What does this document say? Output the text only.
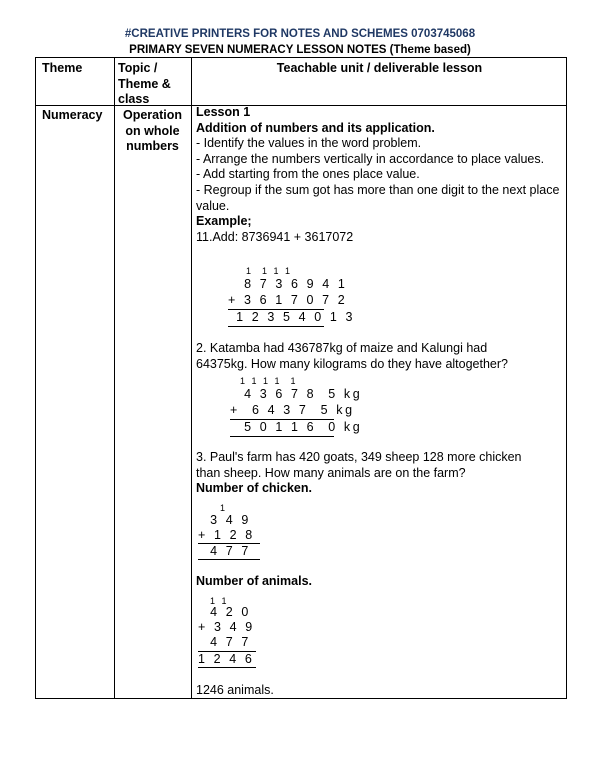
#CREATIVE PRINTERS FOR NOTES AND SCHEMES 0703745068
PRIMARY SEVEN NUMERACY LESSON NOTES (Theme based)
Theme	Topic /
Theme &
class
Teachable unit / deliverable lesson
Numeracy	Operation
on whole
numbers

Lesson 1

Addition of numbers and its application.

- Identify the values in the word problem.

- Arrange the numbers vertically in accordance to place values.

- Add starting from the ones place value.

- Regroup if the sum got has more than one digit to the next place value.

Example;

11.Add: 8736941 + 3617072

1  1 1 1
8 7 3 6 9 4 1
+ 3 6 1 7 0 7 2
1 2 3 5 4 0 1 3

2. Katamba had 436787kg of maize and Kalungi had

64375kg. How many kilograms do they have altogether?

1 1 1 1  1
4 3 6 7 8  5 kg
+  6 4 3 7  5 kg
5 0 1 1 6  0 kg

3. Paul's farm has 420 goats, 349 sheep 128 more chicken

than sheep. How many animals are on the farm?

Number of chicken.

1
3 4 9
+ 1 2 8
4 7 7

Number of animals.

1 1
4 2 0
+ 3 4 9
4 7 7
1 2 4 6

1246 animals.
